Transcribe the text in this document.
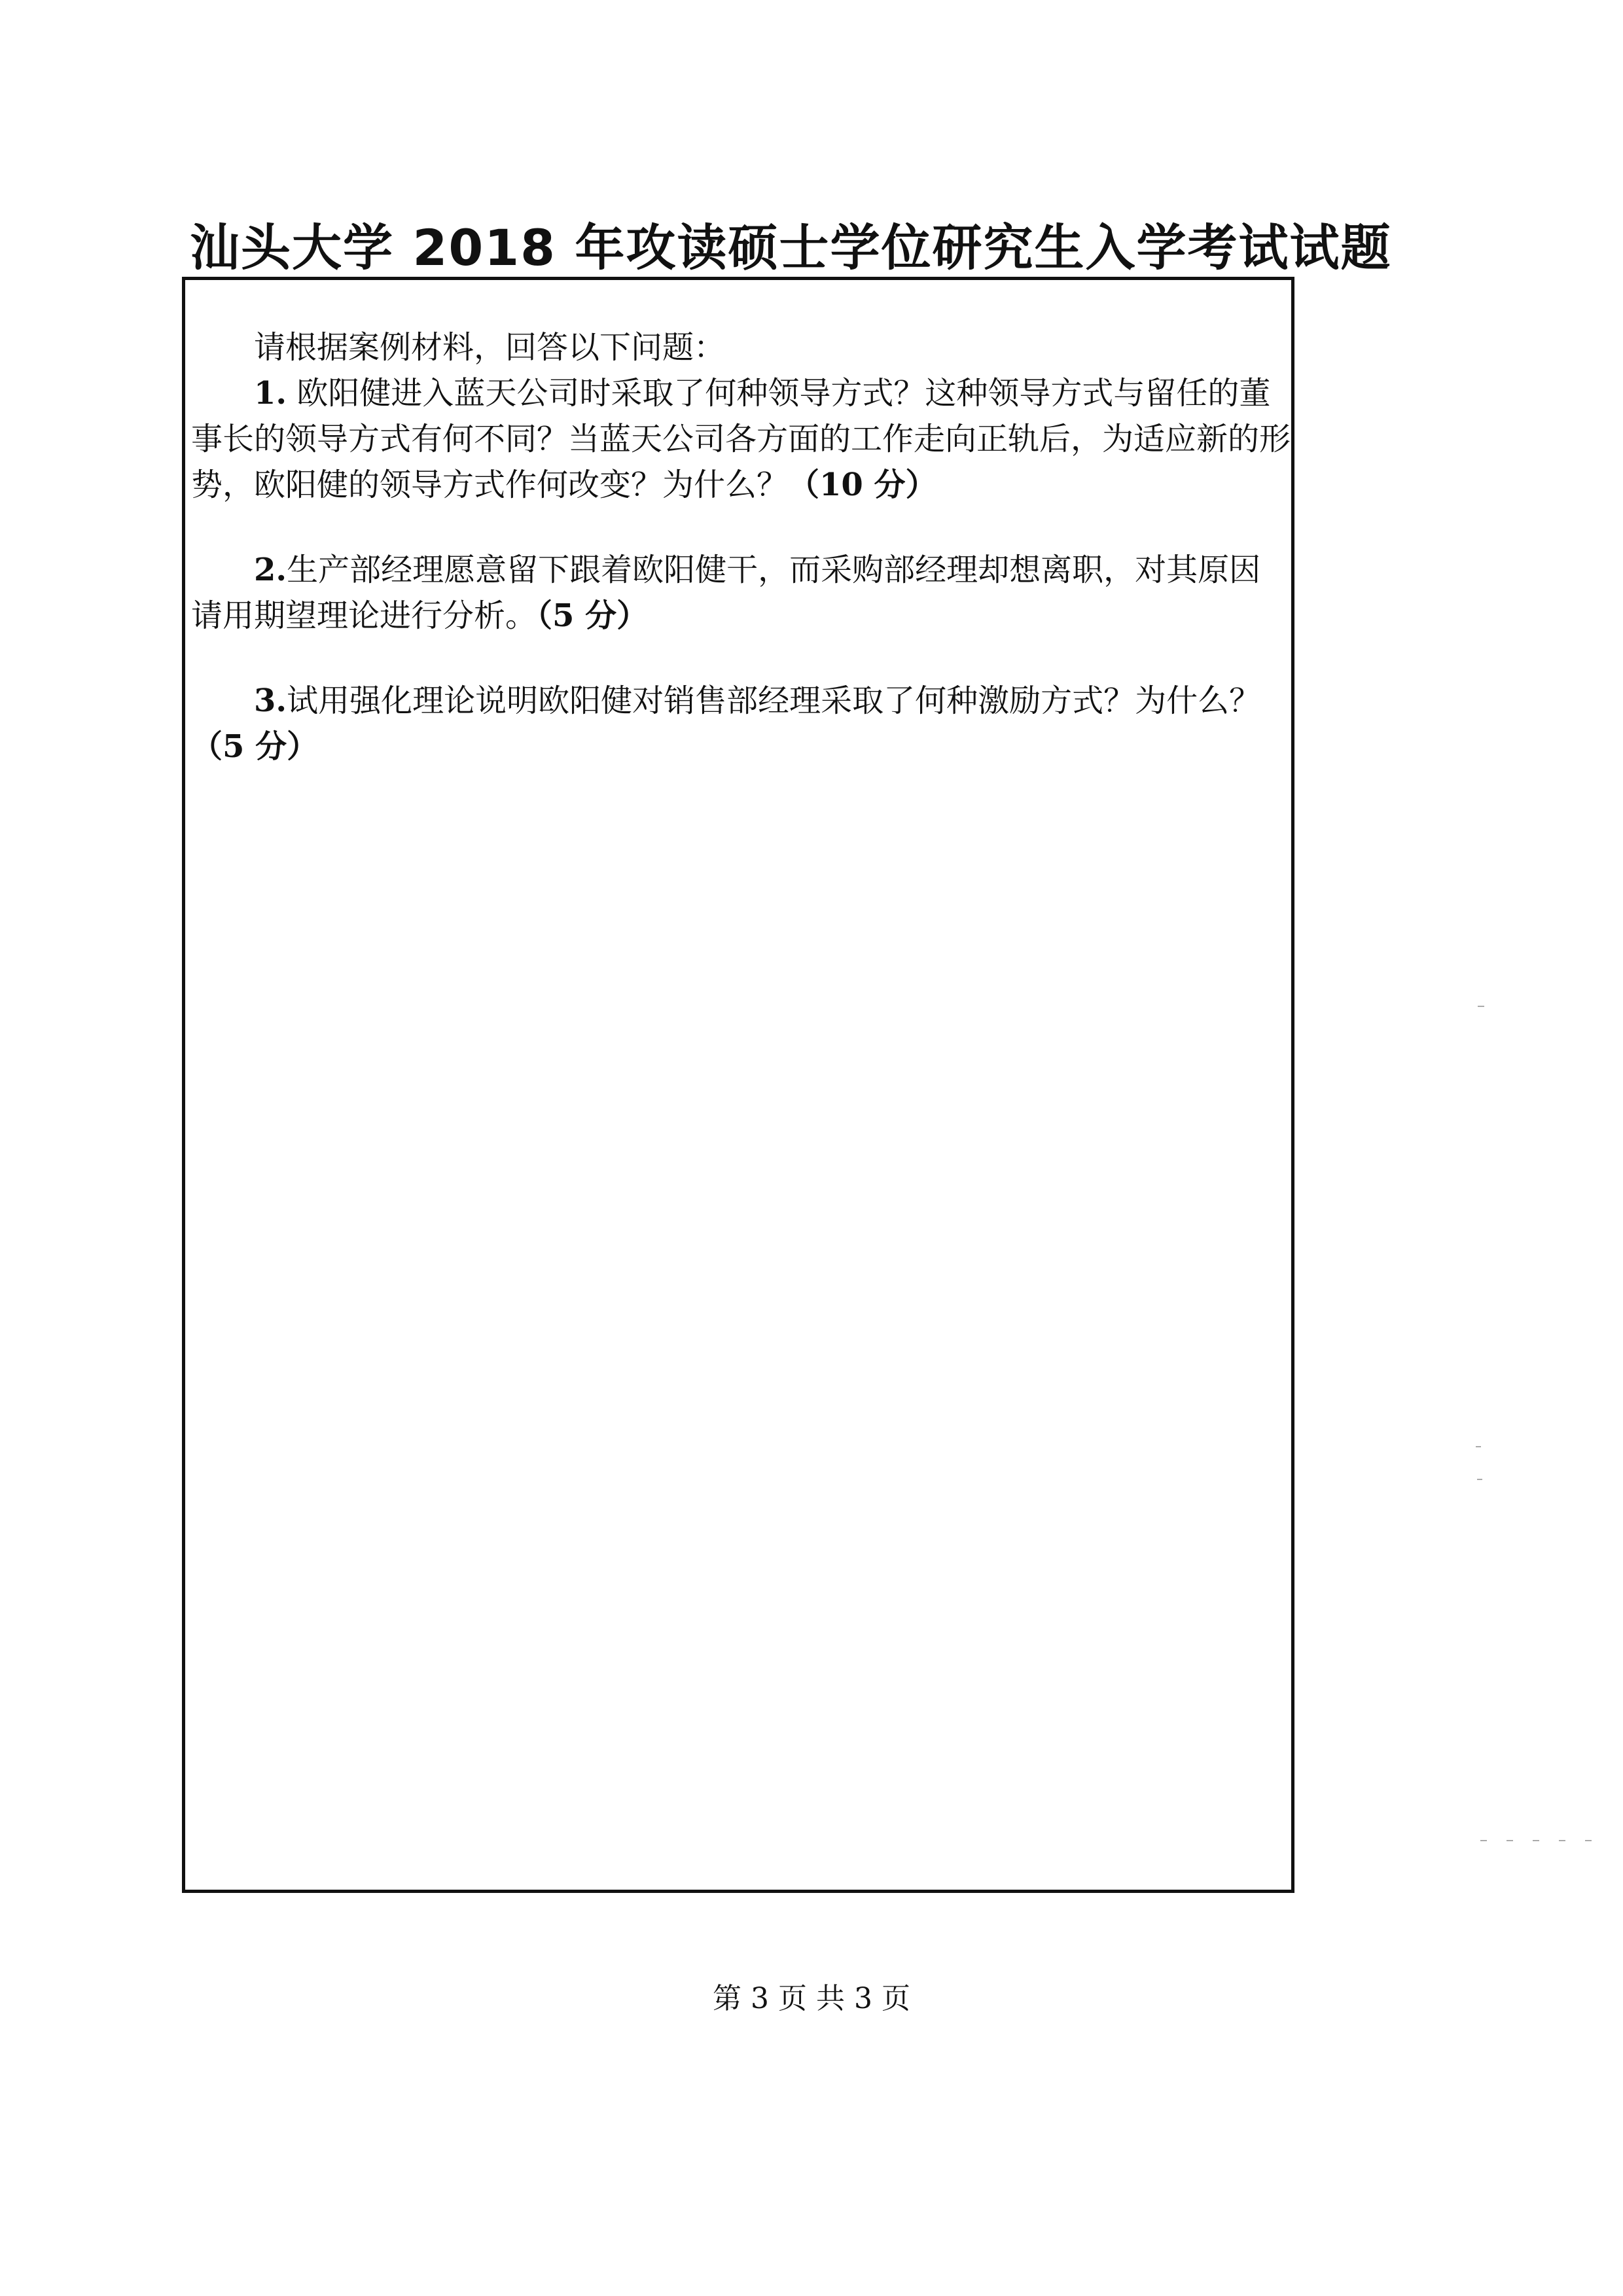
汕头大学 2018 年攻读硕士学位研究生入学考试试题

请根据案例材料，回答以下问题：

1. 欧阳健进入蓝天公司时采取了何种领导方式？这种领导方式与留任的董事长的领导方式有何不同？当蓝天公司各方面的工作走向正轨后，为适应新的形势，欧阳健的领导方式作何改变？为什么？（10 分）

2.生产部经理愿意留下跟着欧阳健干，而采购部经理却想离职，对其原因请用期望理论进行分析。（5 分）

3.试用强化理论说明欧阳健对销售部经理采取了何种激励方式？为什么？（5 分）

第 3 页 共 3 页
